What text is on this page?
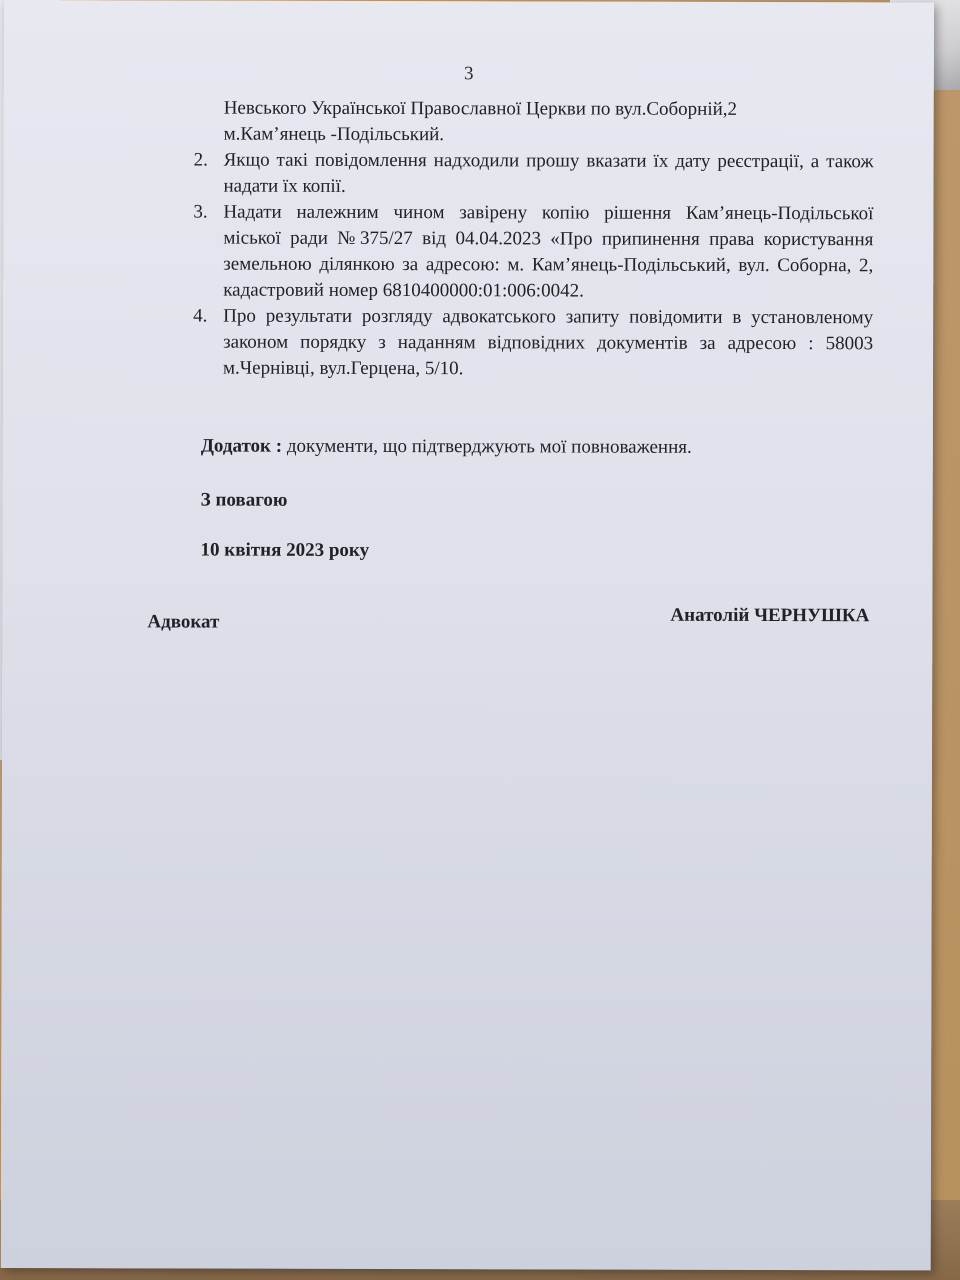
3
Невського Української Православної Церкви по вул.Соборній,2
м.Кам’янець -Подільський.
2. Якщо такі повідомлення надходили прошу вказати їх дату реєстрації, а також надати їх копії.
3. Надати належним чином завірену копію рішення Кам’янець-Подільської міської ради №375/27 від 04.04.2023 «Про припинення права користування земельною ділянкою за адресою: м. Кам’янець-Подільський, вул. Соборна, 2, кадастровий номер 6810400000:01:006:0042.
4. Про результати розгляду адвокатського запиту повідомити в установленому законом порядку з наданням відповідних документів за адресою : 58003 м.Чернівці, вул.Герцена, 5/10.
Додаток : документи, що підтверджують мої повноваження.
З повагою
10 квітня 2023 року
Адвокат	Анатолій ЧЕРНУШКА
